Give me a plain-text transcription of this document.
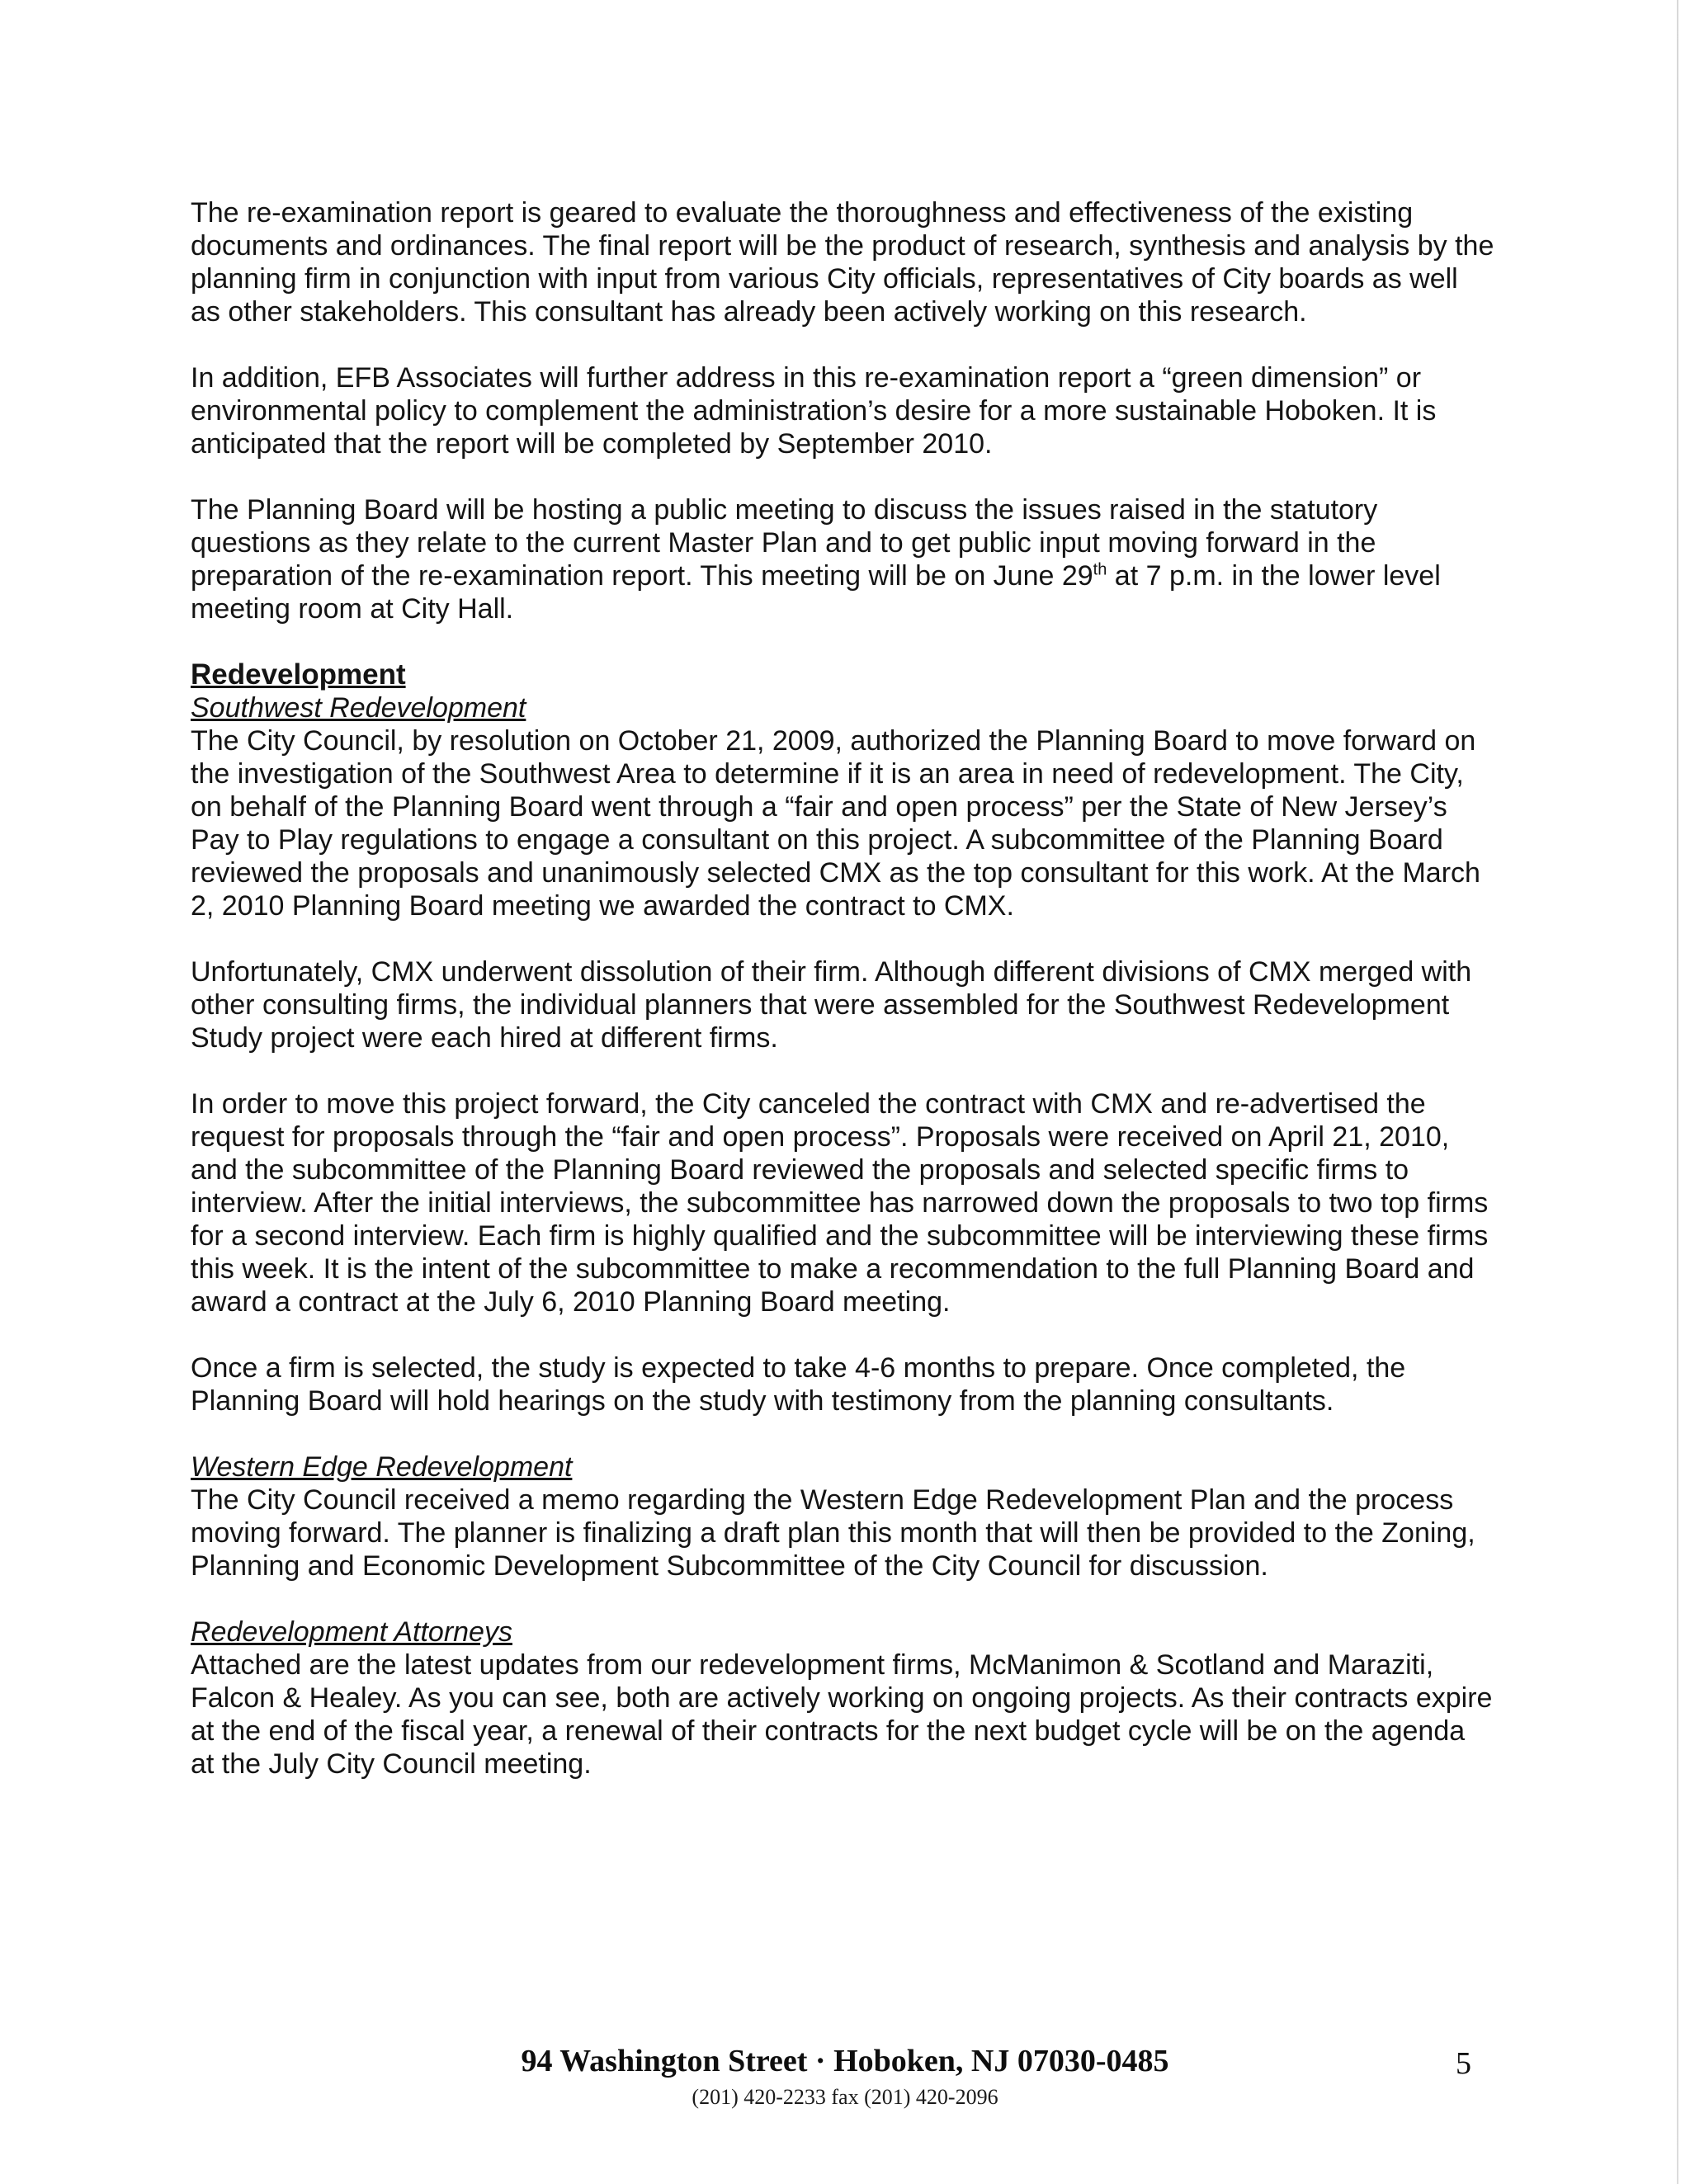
The re-examination report is geared to evaluate the thoroughness and effectiveness of the existing documents and ordinances. The final report will be the product of research, synthesis and analysis by the planning firm in conjunction with input from various City officials, representatives of City boards as well as other stakeholders. This consultant has already been actively working on this research.

In addition, EFB Associates will further address in this re-examination report a “green dimension” or environmental policy to complement the administration’s desire for a more sustainable Hoboken. It is anticipated that the report will be completed by September 2010.

The Planning Board will be hosting a public meeting to discuss the issues raised in the statutory questions as they relate to the current Master Plan and to get public input moving forward in the preparation of the re-examination report. This meeting will be on June 29th at 7 p.m. in the lower level meeting room at City Hall.

Redevelopment
Southwest Redevelopment

The City Council, by resolution on October 21, 2009, authorized the Planning Board to move forward on the investigation of the Southwest Area to determine if it is an area in need of redevelopment. The City, on behalf of the Planning Board went through a “fair and open process” per the State of New Jersey’s Pay to Play regulations to engage a consultant on this project. A subcommittee of the Planning Board reviewed the proposals and unanimously selected CMX as the top consultant for this work. At the March 2, 2010 Planning Board meeting we awarded the contract to CMX.

Unfortunately, CMX underwent dissolution of their firm. Although different divisions of CMX merged with other consulting firms, the individual planners that were assembled for the Southwest Redevelopment Study project were each hired at different firms.

In order to move this project forward, the City canceled the contract with CMX and re-advertised the request for proposals through the “fair and open process”. Proposals were received on April 21, 2010, and the subcommittee of the Planning Board reviewed the proposals and selected specific firms to interview. After the initial interviews, the subcommittee has narrowed down the proposals to two top firms for a second interview. Each firm is highly qualified and the subcommittee will be interviewing these firms this week. It is the intent of the subcommittee to make a recommendation to the full Planning Board and award a contract at the July 6, 2010 Planning Board meeting.

Once a firm is selected, the study is expected to take 4-6 months to prepare. Once completed, the Planning Board will hold hearings on the study with testimony from the planning consultants.

Western Edge Redevelopment

The City Council received a memo regarding the Western Edge Redevelopment Plan and the process moving forward. The planner is finalizing a draft plan this month that will then be provided to the Zoning, Planning and Economic Development Subcommittee of the City Council for discussion.

Redevelopment Attorneys

Attached are the latest updates from our redevelopment firms, McManimon & Scotland and Maraziti, Falcon & Healey. As you can see, both are actively working on ongoing projects. As their contracts expire at the end of the fiscal year, a renewal of their contracts for the next budget cycle will be on the agenda at the July City Council meeting.

94 Washington Street · Hoboken, NJ 07030-0485
(201) 420-2233 fax (201) 420-2096
5
